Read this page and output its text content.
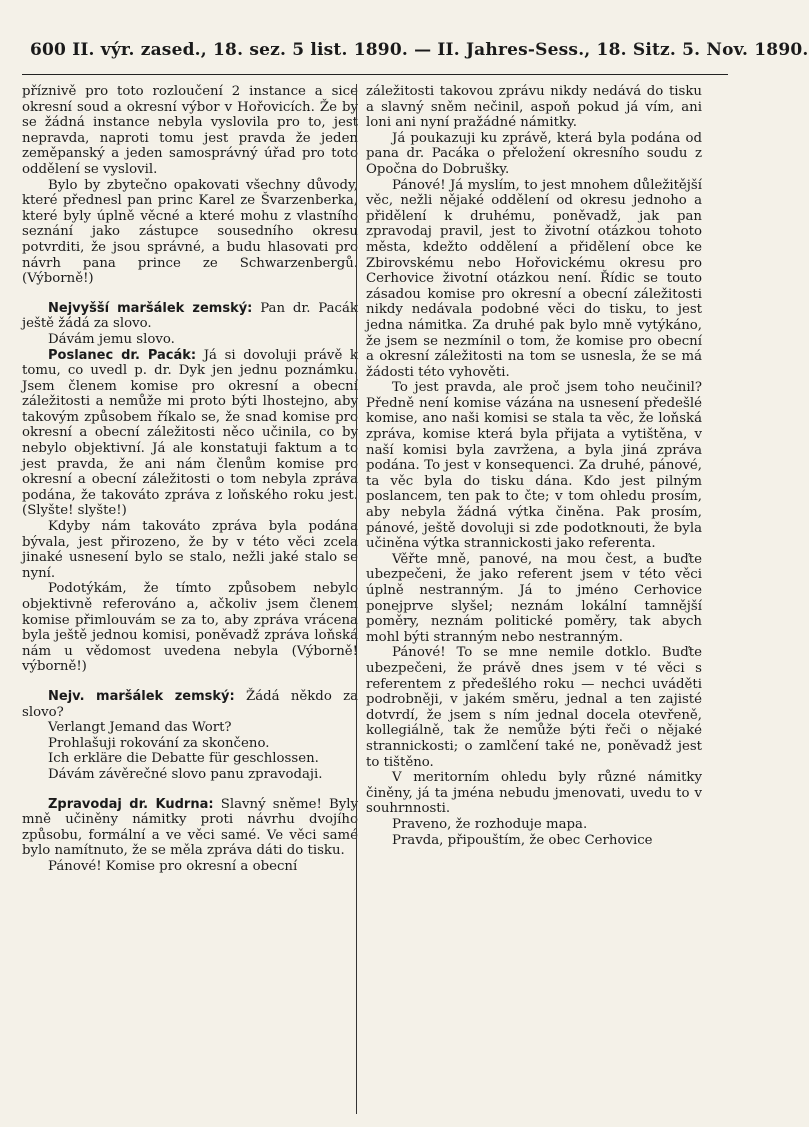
600 II. výr. zased., 18. sez. 5 list. 1890. — II. Jahres-Sess., 18. Sitz. 5. Nov. 1890.

příznivě pro toto rozloučení 2 instance a sice okresní soud a okresní výbor v Hořovicích. Že by se žádná instance nebyla vyslovila pro to, jest nepravda, naproti tomu jest pravda že jeden zeměpanský a jeden samosprávný úřad pro toto oddělení se vyslovil.

Bylo by zbytečno opakovati všechny důvody, které přednesl pan princ Karel ze Švarzenberka, které byly úplně věcné a které mohu z vlastního seznání jako zástupce sousedního okresu potvrditi, že jsou správné, a budu hlasovati pro návrh pana prince ze Schwarzenbergů. (Výborně!)

Nejvyšší maršálek zemský: Pan dr. Pacák ještě žádá za slovo.

Dávám jemu slovo.

Poslanec dr. Pacák: Já si dovoluji právě k tomu, co uvedl p. dr. Dyk jen jednu poznámku. Jsem členem komise pro okresní a obecní záležitosti a nemůže mi proto býti lhostejno, aby takovým způsobem říkalo se, že snad komise pro okresní a obecní záležitosti něco učinila, co by nebylo objektivní. Já ale konstatuji faktum a to jest pravda, že ani nám členům komise pro okresní a obecní záležitosti o tom nebyla zpráva podána, že takováto zpráva z loňského roku jest. (Slyšte! slyšte!)

Kdyby nám takováto zpráva byla podána bývala, jest přirozeno, že by v této věci zcela jinaké usnesení bylo se stalo, nežli jaké stalo se nyní.

Podotýkám, že tímto způsobem nebylo objektivně referováno a, ačkoliv jsem členem komise přimlouvám se za to, aby zpráva vrácena byla ještě jednou komisi, poněvadž zpráva loňská nám u vědomost uvedena nebyla (Výborně! výborně!)

Nejv. maršálek zemský: Žádá někdo za slovo?

Verlangt Jemand das Wort?

Prohlašuji rokování za skončeno.

Ich erkläre die Debatte für geschlossen.

Dávám závěrečné slovo panu zpravodaji.

Zpravodaj dr. Kudrna: Slavný sněme! Byly mně učiněny námitky proti návrhu dvojího způsobu, formální a ve věci samé. Ve věci samé bylo namítnuto, že se měla zpráva dáti do tisku.

Pánové! Komise pro okresní a obecní

záležitosti takovou zprávu nikdy nedává do tisku a slavný sněm nečinil, aspoň pokud já vím, ani loni ani nyní pražádné námitky.

Já poukazuji ku zprávě, která byla podána od pana dr. Pacáka o přeložení okresního soudu z Opočna do Dobrušky.

Pánové! Já myslím, to jest mnohem důležitější věc, nežli nějaké oddělení od okresu jednoho a přidělení k druhému, poněvadž, jak pan zpravodaj pravil, jest to životní otázkou tohoto města, kdežto oddělení a přidělení obce ke Zbirovskému nebo Hořovickému okresu pro Cerhovice životní otázkou není. Řídic se touto zásadou komise pro okresní a obecní záležitosti nikdy nedávala podobné věci do tisku, to jest jedna námitka. Za druhé pak bylo mně vytýkáno, že jsem se nezmínil o tom, že komise pro obecní a okresní záležitosti na tom se usnesla, že se má žádosti této vyhověti.

To jest pravda, ale proč jsem toho neučinil? Předně není komise vázána na usnesení předešlé komise, ano naši komisi se stala ta věc, že loňská zpráva, komise která byla přijata a vytištěna, v naší komisi byla zavržena, a byla jiná zpráva podána. To jest v konsequenci. Za druhé, pánové, ta věc byla do tisku dána. Kdo jest pilným poslancem, ten pak to čte; v tom ohledu prosím, aby nebyla žádná výtka činěna. Pak prosím, pánové, ještě dovoluji si zde podotknouti, že byla učiněna výtka strannickosti jako referenta.

Věřte mně, panové, na mou čest, a buďte ubezpečeni, že jako referent jsem v této věci úplně nestranným. Já to jméno Cerhovice ponejprve slyšel; neznám lokální tamnější poměry, neznám politické poměry, tak abych mohl býti stranným nebo nestranným.

Pánové! To se mne nemile dotklo. Buďte ubezpečeni, že právě dnes jsem v té věci s referentem z předešlého roku — nechci uváděti podrobněji, v jakém směru, jednal a ten zajisté dotvrdí, že jsem s ním jednal docela otevřeně, kollegiálně, tak že nemůže býti řeči o nějaké strannickosti; o zamlčení také ne, poněvadž jest to tištěno.

V meritorním ohledu byly různé námitky činěny, já ta jména nebudu jmenovati, uvedu to v souhrnnosti.

Praveno, že rozhoduje mapa.

Pravda, připouštím, že obec Cerhovice
